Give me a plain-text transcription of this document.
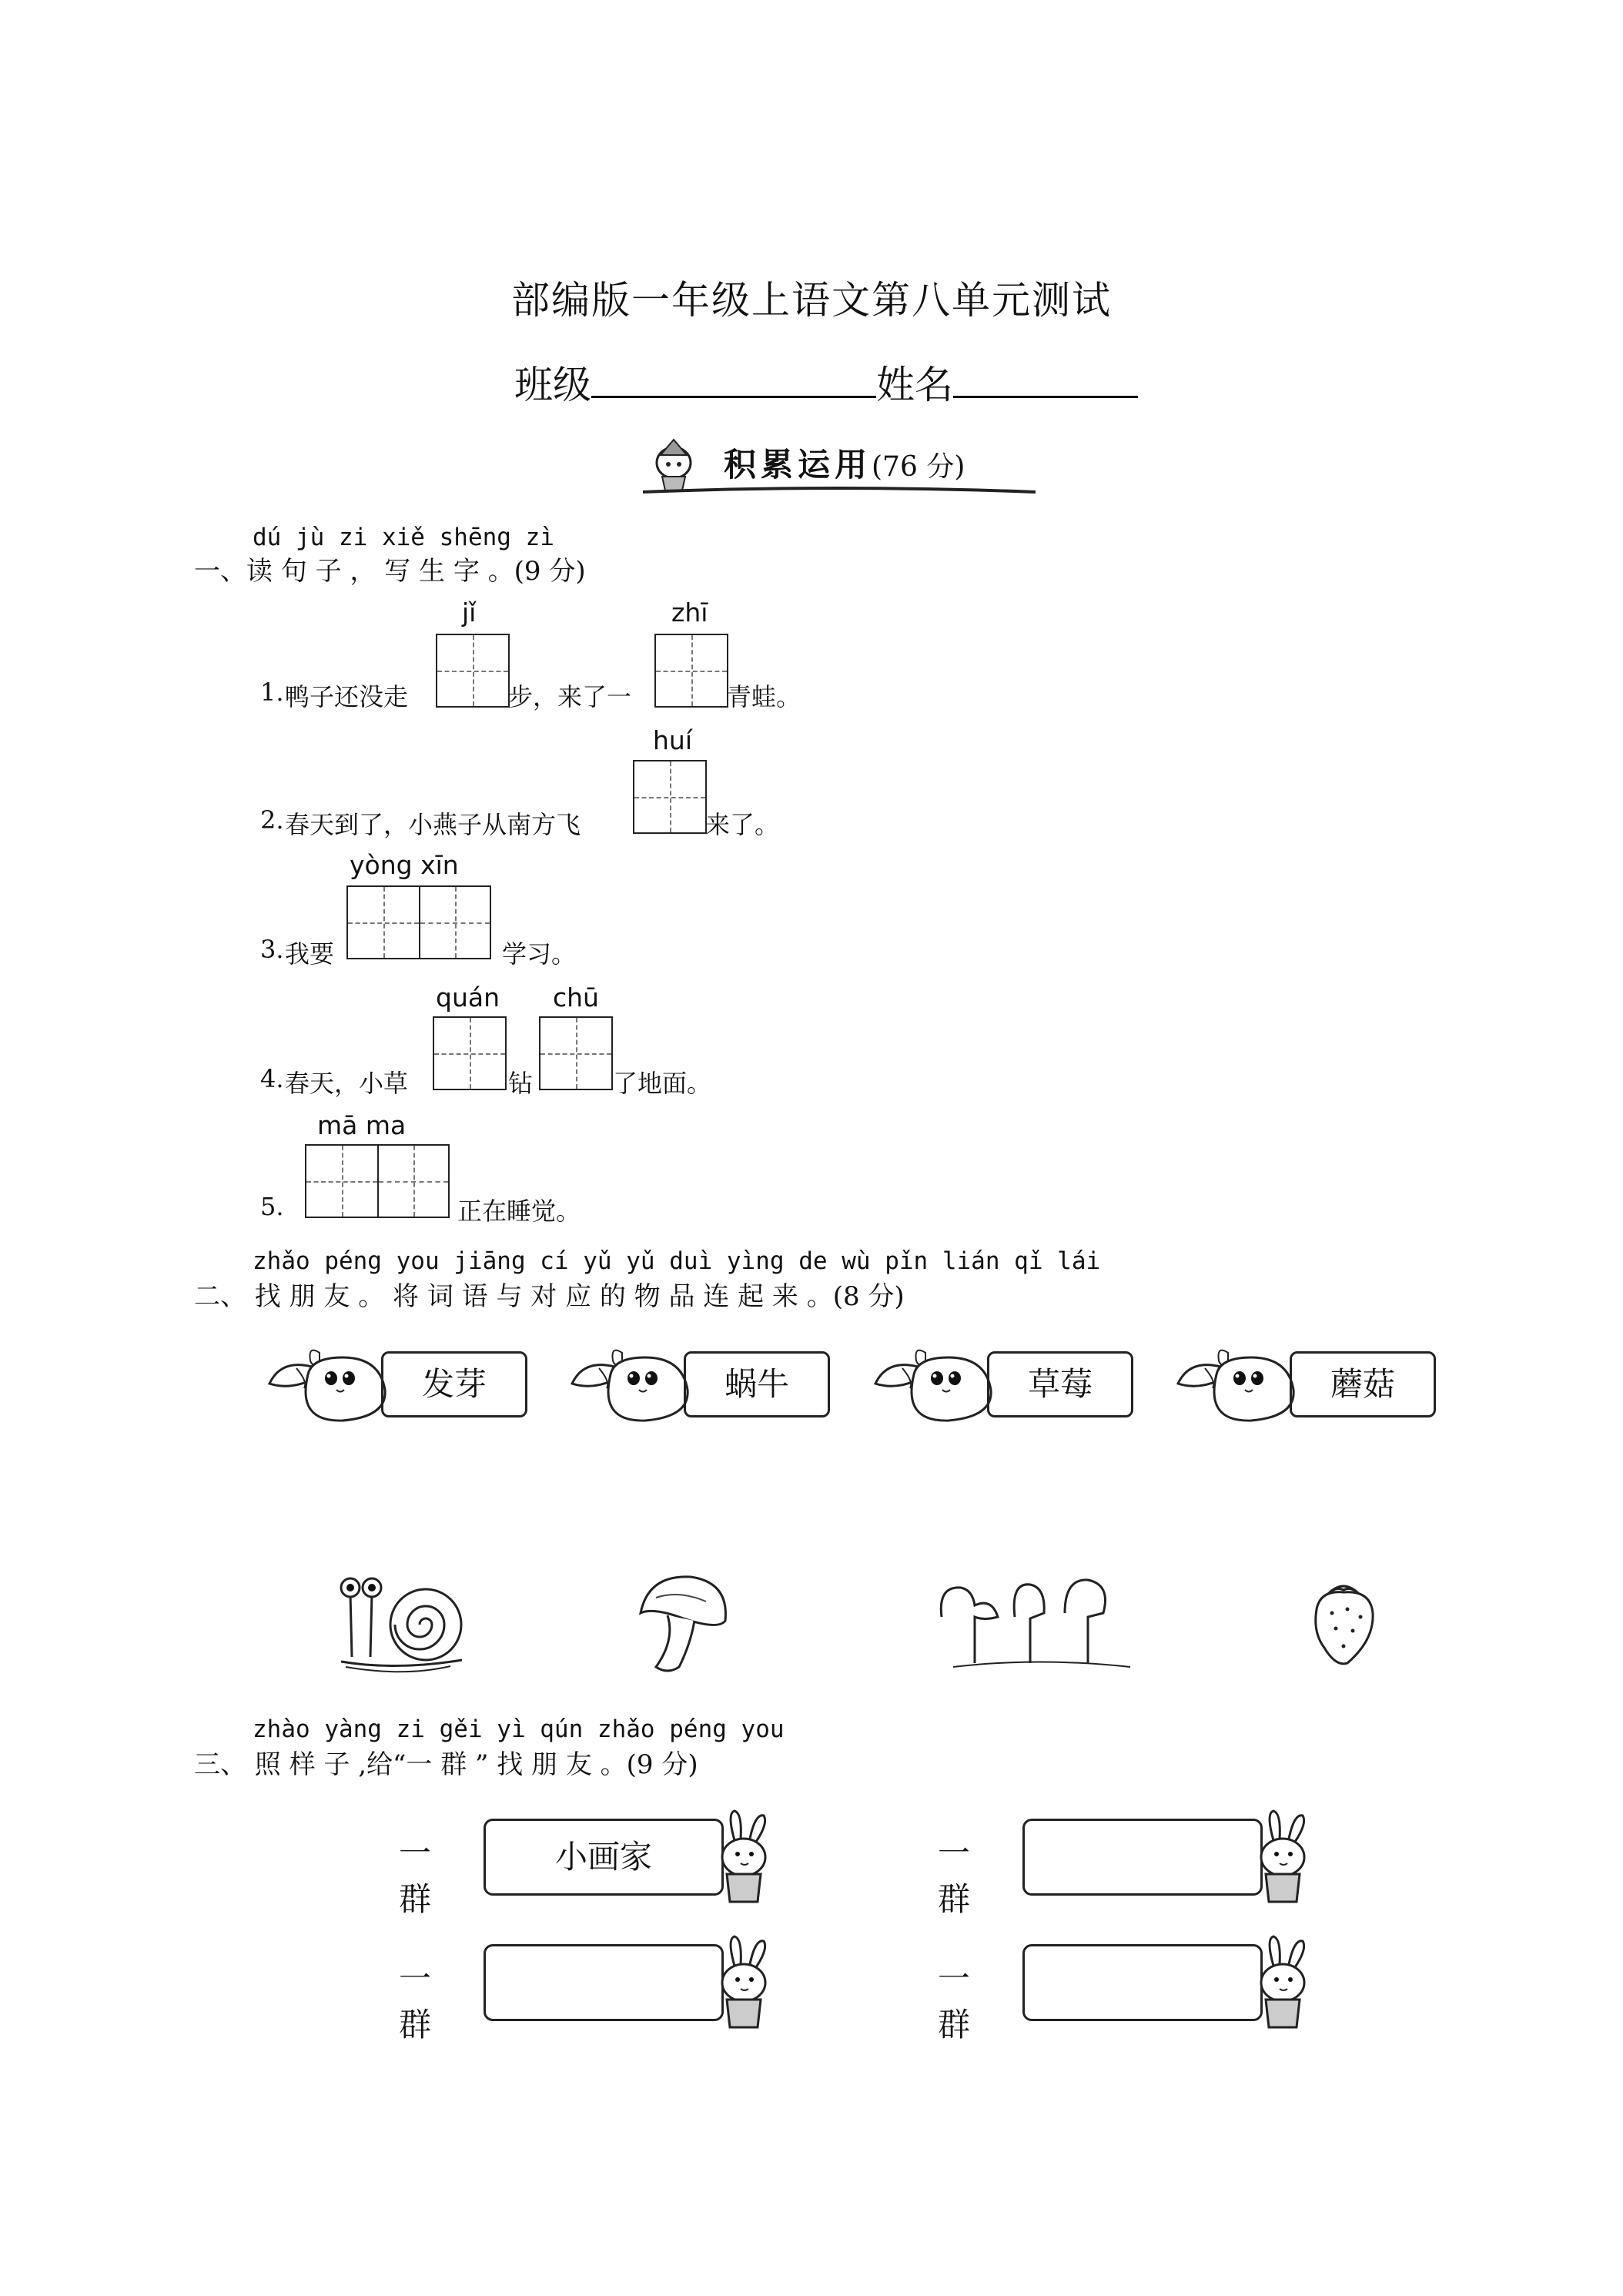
部编版一年级上语文第八单元测试
班级	姓名
积累运用(76 分)
dú jù zi xiě shēng zì
一、读 句 子 ， 写 生 字 。(9 分)
jǐ	zhī
1. 鸭子还没走	步，来了一	青蛙。
huí
2. 春天到了，小燕子从南方飞	来了。
yòng xīn
3. 我要	学习。
quán chū
4. 春天，小草	钻	了地面。
mā ma
5.	正在睡觉。
zhǎo péng you jiāng cí yǔ yǔ duì yìng de wù pǐn lián qǐ lái
二、 找 朋 友 。 将 词 语 与 对 应 的 物 品 连 起 来 。(8 分)
发芽	蜗牛	草莓	蘑菇
zhào yàng zi gěi yì qún zhǎo péng you
三、 照 样 子 ,给“一 群 ” 找 朋 友 。(9 分)
一群
小画家	一群
一群
一群
